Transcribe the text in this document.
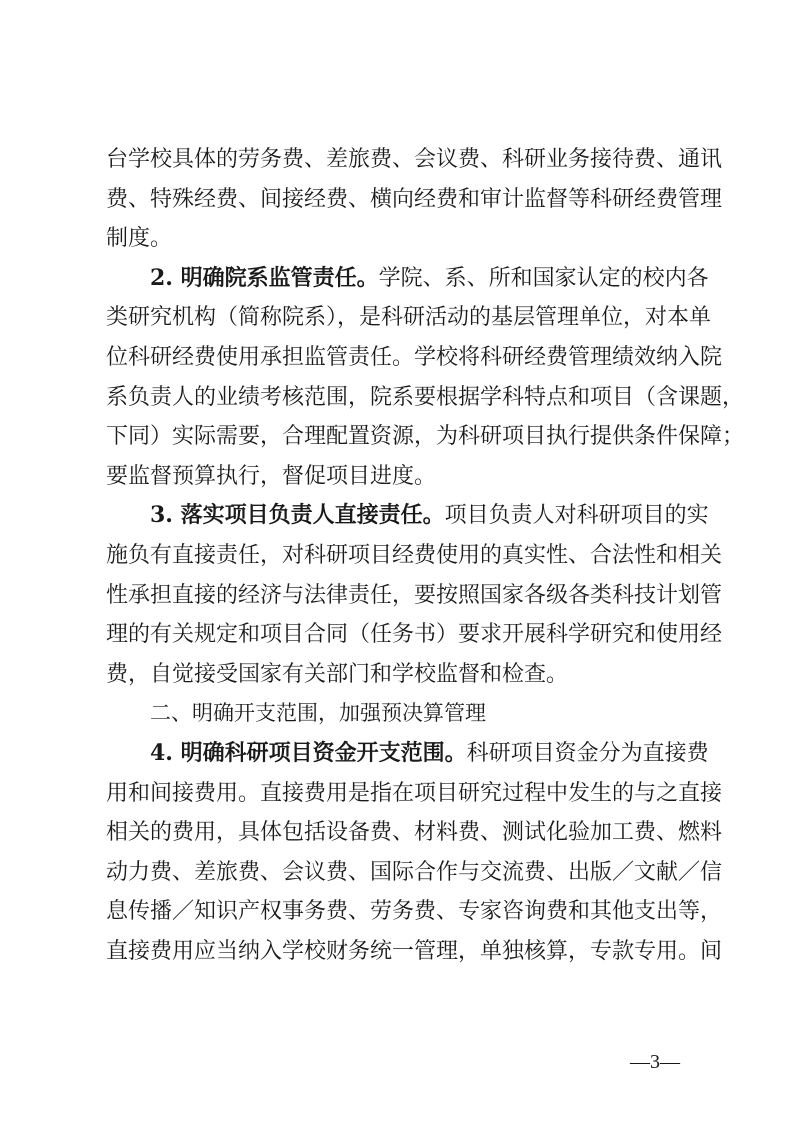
台学校具体的劳务费、差旅费、会议费、科研业务接待费、通讯
费、特殊经费、间接经费、横向经费和审计监督等科研经费管理
制度。
2. 明确院系监管责任。学院、系、所和国家认定的校内各
类研究机构（简称院系），是科研活动的基层管理单位，对本单
位科研经费使用承担监管责任。学校将科研经费管理绩效纳入院
系负责人的业绩考核范围，院系要根据学科特点和项目（含课题，
下同）实际需要，合理配置资源，为科研项目执行提供条件保障；
要监督预算执行，督促项目进度。
3. 落实项目负责人直接责任。项目负责人对科研项目的实
施负有直接责任，对科研项目经费使用的真实性、合法性和相关
性承担直接的经济与法律责任，要按照国家各级各类科技计划管
理的有关规定和项目合同（任务书）要求开展科学研究和使用经
费，自觉接受国家有关部门和学校监督和检查。
二、明确开支范围，加强预决算管理
4. 明确科研项目资金开支范围。科研项目资金分为直接费
用和间接费用。直接费用是指在项目研究过程中发生的与之直接
相关的费用，具体包括设备费、材料费、测试化验加工费、燃料
动力费、差旅费、会议费、国际合作与交流费、出版／文献／信
息传播／知识产权事务费、劳务费、专家咨询费和其他支出等，
直接费用应当纳入学校财务统一管理，单独核算，专款专用。间
—3—
